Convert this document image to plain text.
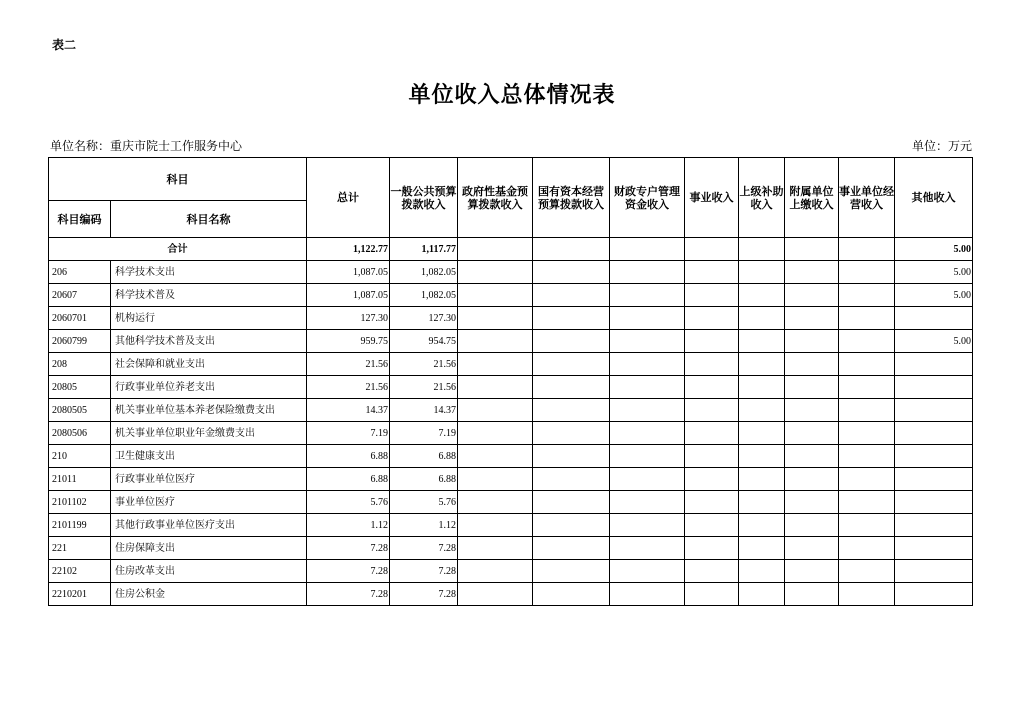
表二
单位收入总体情况表
单位名称：重庆市院士工作服务中心	单位：万元
科目		总计	一般公共预算拨款收入	政府性基金预算拨款收入	国有资本经营预算拨款收入	财政专户管理资金收入	事业收入	上级补助收入	附属单位上缴收入	事业单位经营收入	其他收入
科目编码	科目名称										
合计		1,122.77	1,117.77								5.00
206	科学技术支出	1,087.05	1,082.05								5.00
20607	科学技术普及	1,087.05	1,082.05								5.00
2060701	机构运行	127.30	127.30								
2060799	其他科学技术普及支出	959.75	954.75								5.00
208	社会保障和就业支出	21.56	21.56								
20805	行政事业单位养老支出	21.56	21.56								
2080505	机关事业单位基本养老保险缴费支出	14.37	14.37								
2080506	机关事业单位职业年金缴费支出	7.19	7.19								
210	卫生健康支出	6.88	6.88								
21011	行政事业单位医疗	6.88	6.88								
2101102	事业单位医疗	5.76	5.76								
2101199	其他行政事业单位医疗支出	1.12	1.12								
221	住房保障支出	7.28	7.28								
22102	住房改革支出	7.28	7.28								
2210201	住房公积金	7.28	7.28								
